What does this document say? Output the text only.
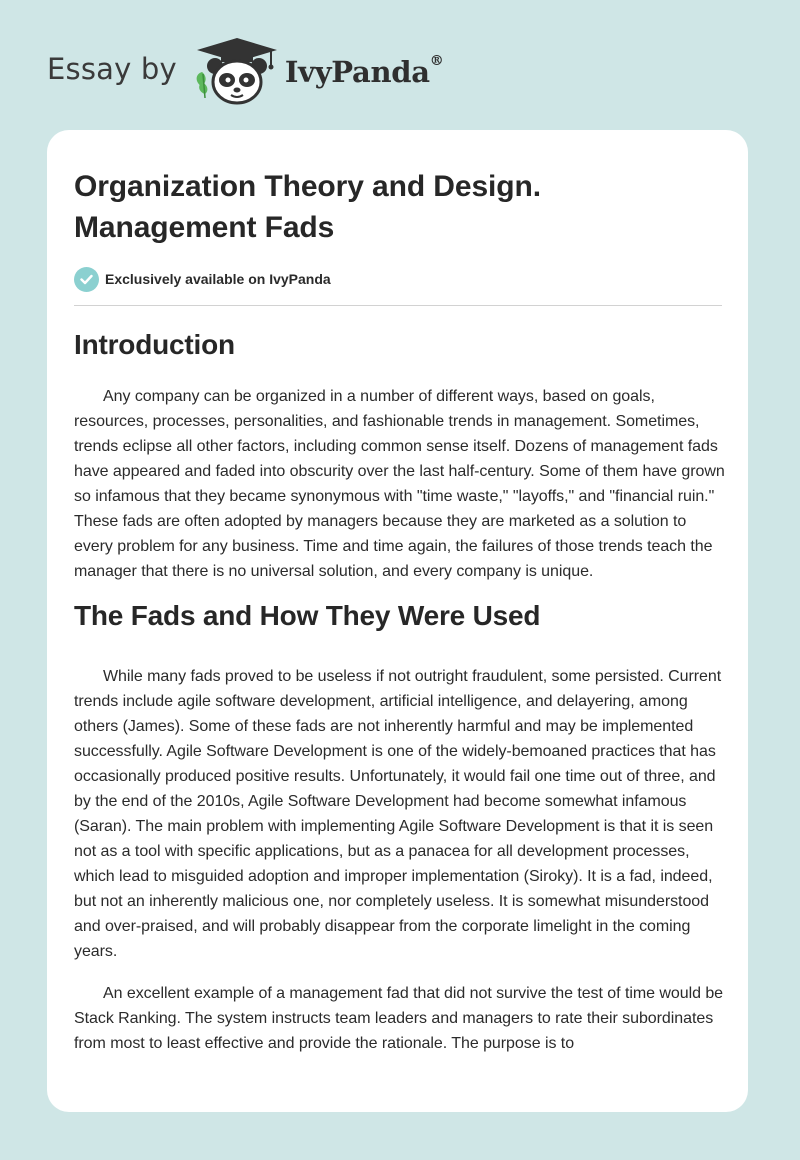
Essay by	IvyPanda®
Organization Theory and Design. Management Fads
Exclusively available on IvyPanda
Introduction

Any company can be organized in a number of different ways, based on goals, resources, processes, personalities, and fashionable trends in management. Sometimes, trends eclipse all other factors, including common sense itself. Dozens of management fads have appeared and faded into obscurity over the last half-century. Some of them have grown so infamous that they became synonymous with "time waste," "layoffs," and "financial ruin." These fads are often adopted by managers because they are marketed as a solution to every problem for any business. Time and time again, the failures of those trends teach the manager that there is no universal solution, and every company is unique.

The Fads and How They Were Used

While many fads proved to be useless if not outright fraudulent, some persisted. Current trends include agile software development, artificial intelligence, and delayering, among others (James). Some of these fads are not inherently harmful and may be implemented successfully. Agile Software Development is one of the widely-bemoaned practices that has occasionally produced positive results. Unfortunately, it would fail one time out of three, and by the end of the 2010s, Agile Software Development had become somewhat infamous (Saran). The main problem with implementing Agile Software Development is that it is seen not as a tool with specific applications, but as a panacea for all development processes, which lead to misguided adoption and improper implementation (Siroky). It is a fad, indeed, but not an inherently malicious one, nor completely useless. It is somewhat misunderstood and over-praised, and will probably disappear from the corporate limelight in the coming years.

An excellent example of a management fad that did not survive the test of time would be Stack Ranking. The system instructs team leaders and managers to rate their subordinates from most to least effective and provide the rationale. The purpose is to
